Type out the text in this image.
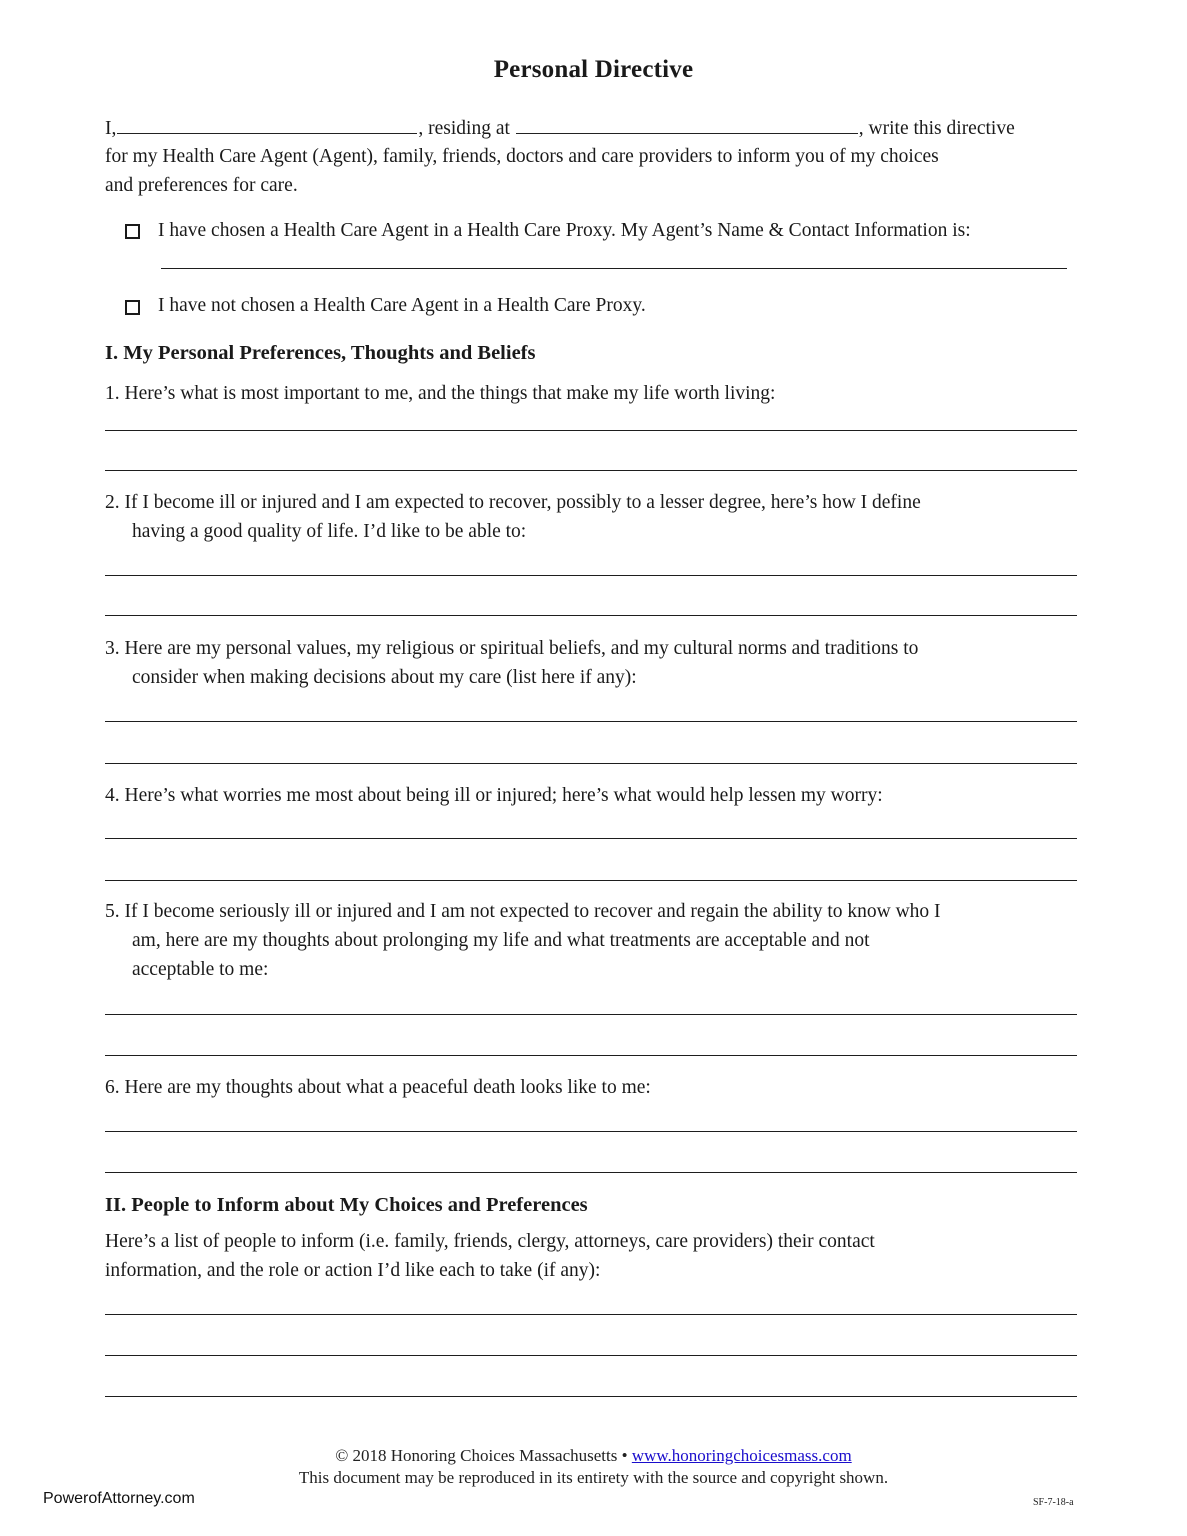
Personal Directive
I,	, residing at	, write this directive
for my Health Care Agent (Agent), family, friends, doctors and care providers to inform you of my choices
and preferences for care.
I have chosen a Health Care Agent in a Health Care Proxy. My Agent’s Name & Contact Information is:
I have not chosen a Health Care Agent in a Health Care Proxy.
I. My Personal Preferences, Thoughts and Beliefs
1. Here’s what is most important to me, and the things that make my life worth living:
2. If I become ill or injured and I am expected to recover, possibly to a lesser degree, here’s how I define
having a good quality of life. I’d like to be able to:
3. Here are my personal values, my religious or spiritual beliefs, and my cultural norms and traditions to
consider when making decisions about my care (list here if any):
4. Here’s what worries me most about being ill or injured; here’s what would help lessen my worry:
5. If I become seriously ill or injured and I am not expected to recover and regain the ability to know who I
am, here are my thoughts about prolonging my life and what treatments are acceptable and not
acceptable to me:
6. Here are my thoughts about what a peaceful death looks like to me:
II. People to Inform about My Choices and Preferences
Here’s a list of people to inform (i.e. family, friends, clergy, attorneys, care providers) their contact
information, and the role or action I’d like each to take (if any):
© 2018 Honoring Choices Massachusetts • www.honoringchoicesmass.com
This document may be reproduced in its entirety with the source and copyright shown.
PowerofAttorney.com	SF-7-18-a
